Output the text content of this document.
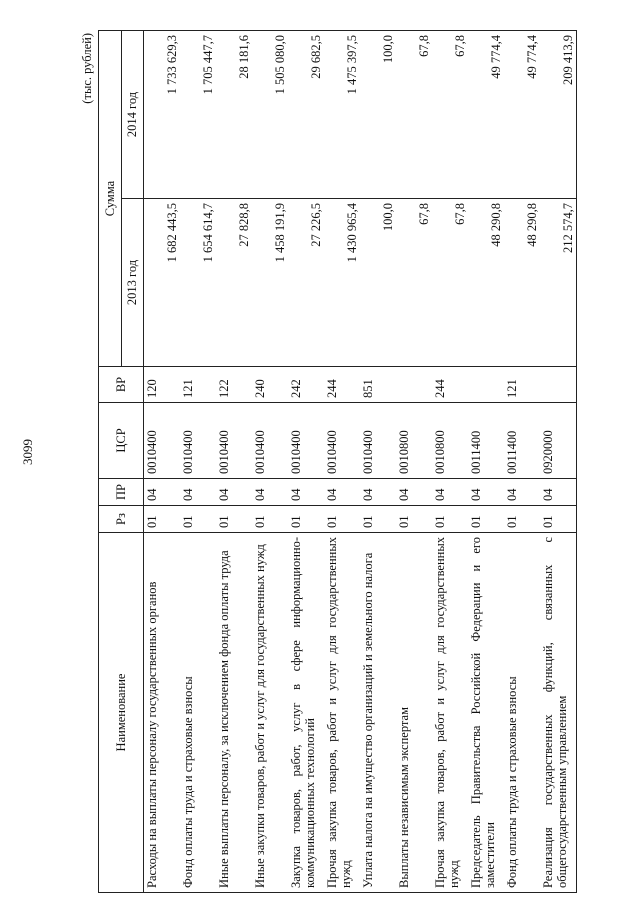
3099
(тыс. рублей)
Наименование	Рз	ПР	ЦСР	ВР	Сумма	
					2013 год	2014 год
Расходы на выплаты персоналу государственных органов	01	04	0010400	120	1 682 443,5	1 733 629,3
Фонд оплаты труда и страховые взносы	01	04	0010400	121	1 654 614,7	1 705 447,7
Иные выплаты персоналу, за исключением фонда оплаты труда	01	04	0010400	122	27 828,8	28 181,6
Иные закупки товаров, работ и услуг для государственных нужд	01	04	0010400	240	1 458 191,9	1 505 080,0
Закупка товаров, работ, услуг в сфере информационно-коммуникационных технологий	01	04	0010400	242	27 226,5	29 682,5
Прочая закупка товаров, работ и услуг для государственных нужд	01	04	0010400	244	1 430 965,4	1 475 397,5
Уплата налога на имущество организаций и земельного налога	01	04	0010400	851	100,0	100,0
Выплаты независимым экспертам	01	04	0010800		67,8	67,8
Прочая закупка товаров, работ и услуг для государственных нужд	01	04	0010800	244	67,8	67,8
Председатель Правительства Российской Федерации и его заместители	01	04	0011400		48 290,8	49 774,4
Фонд оплаты труда и страховые взносы	01	04	0011400	121	48 290,8	49 774,4
Реализация государственных функций, связанных с общегосударственным управлением	01	04	0920000		212 574,7	209 413,9
